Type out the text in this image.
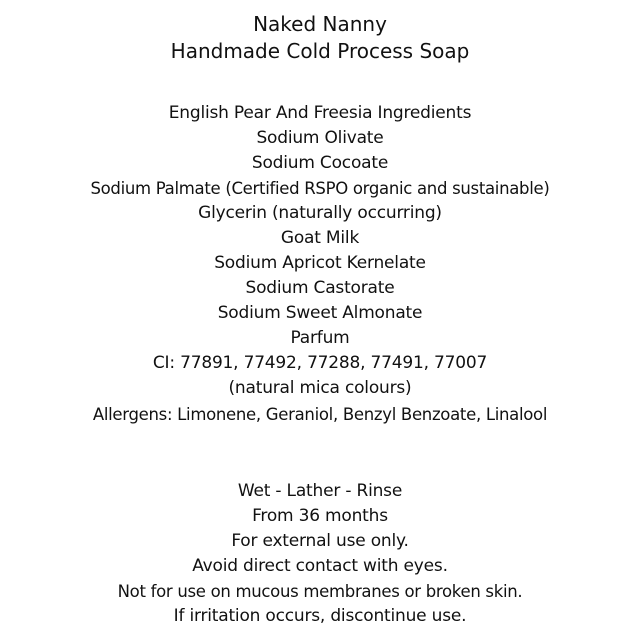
Naked Nanny
Handmade Cold Process Soap
English Pear And Freesia Ingredients
Sodium Olivate
Sodium Cocoate
Sodium Palmate (Certified RSPO organic and sustainable)
Glycerin (naturally occurring)
Goat Milk
Sodium Apricot Kernelate
Sodium Castorate
Sodium Sweet Almonate
Parfum
CI: 77891, 77492, 77288, 77491, 77007
(natural mica colours)
Allergens: Limonene, Geraniol, Benzyl Benzoate, Linalool
Wet - Lather - Rinse
From 36 months
For external use only.
Avoid direct contact with eyes.
Not for use on mucous membranes or broken skin.
If irritation occurs, discontinue use.
